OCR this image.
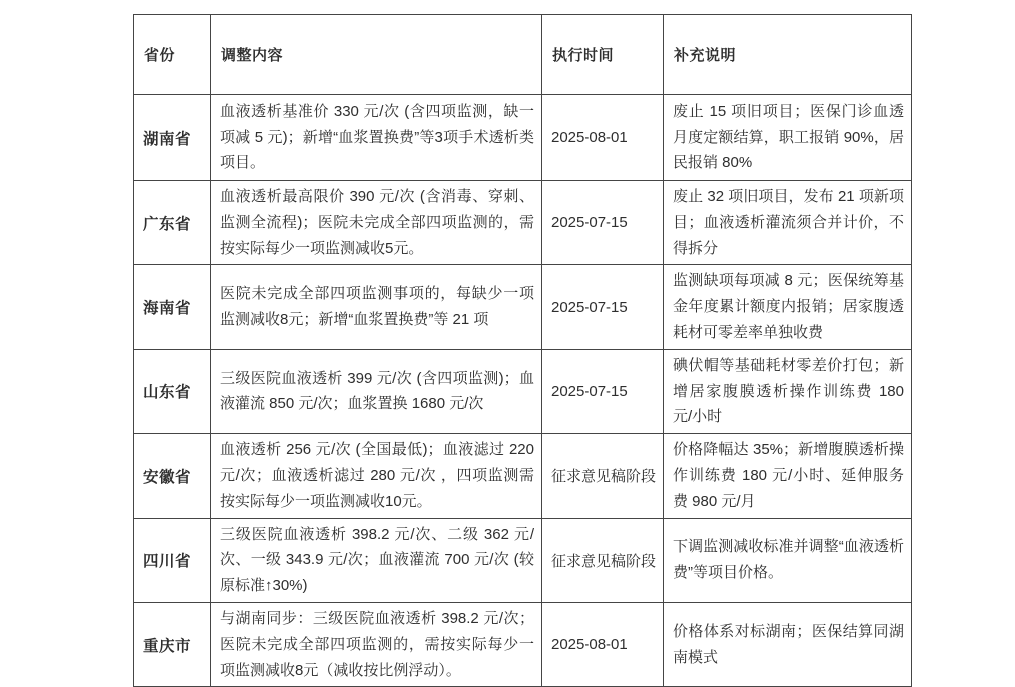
省份	调整内容	执行时间	补充说明
湖南省	血液透析基准价 330 元/次 (含四项监测，缺一项减 5 元)；新增“血浆置换费”等3项手术透析类项目。	2025-08-01	废止 15 项旧项目；医保门诊血透月度定额结算，职工报销 90%，居民报销 80%
广东省	血液透析最高限价 390 元/次 (含消毒、穿刺、监测全流程)；医院未完成全部四项监测的，需按实际每少一项监测减收5元。	2025-07-15	废止 32 项旧项目，发布 21 项新项目；血液透析灌流须合并计价，不得拆分
海南省	医院未完成全部四项监测事项的，每缺少一项监测减收8元；新增“血浆置换费”等 21 项	2025-07-15	监测缺项每项减 8 元；医保统筹基金年度累计额度内报销；居家腹透耗材可零差率单独收费
山东省	三级医院血液透析 399 元/次 (含四项监测)；血液灌流 850 元/次；血浆置换 1680 元/次	2025-07-15	碘伏帽等基础耗材零差价打包；新增居家腹膜透析操作训练费 180 元/小时
安徽省	血液透析 256 元/次 (全国最低)；血液滤过 220 元/次；血液透析滤过 280 元/次 ，四项监测需按实际每少一项监测减收10元。	征求意见稿阶段	价格降幅达 35%；新增腹膜透析操作训练费 180 元/小时、延伸服务费 980 元/月
四川省	三级医院血液透析 398.2 元/次、二级 362 元/次、一级 343.9 元/次；血液灌流 700 元/次 (较原标准↑30%)	征求意见稿阶段	下调监测减收标准并调整“血液透析费”等项目价格。
重庆市	与湖南同步：三级医院血液透析 398.2 元/次；医院未完成全部四项监测的，需按实际每少一项监测减收8元（减收按比例浮动）。	2025-08-01	价格体系对标湖南；医保结算同湖南模式
